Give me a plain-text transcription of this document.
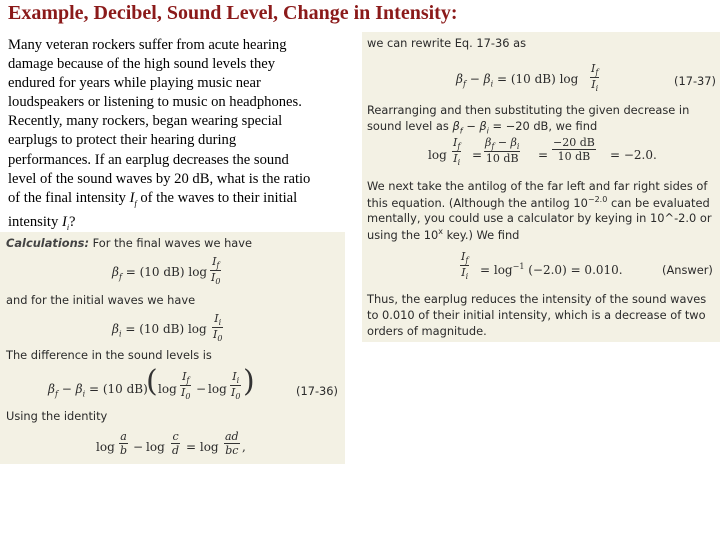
Example, Decibel, Sound Level, Change in Intensity:
Many veteran rockers suffer from acute hearing
damage because of the high sound levels they
endured for years while playing music near
loudspeakers or listening to music on headphones.
Recently, many rockers, began wearing special
earplugs to protect their hearing during
performances. If an earplug decreases the sound
level of the sound waves by 20 dB, what is the ratio
of the final intensity $I_f$ of the waves to their initial
intensity $I_i$?
Calculations: For the final waves we have
$\beta_f = (10$ dB) $\log \frac{I_f}{I_0}$
and for the initial waves we have
$\beta_i = (10$ dB) $\log \frac{I_i}{I_0}$
The difference in the sound levels is
$\beta_f - \beta_i = (10$ dB)
( $\log \frac{I_f}{I_0} - \log \frac{I_i}{I_0}$ )	(17-36)
Using the identity
$\log \frac{a}{b} - \log \frac{c}{d} = \log \frac{ad}{bc}$ ,
we can rewrite Eq. 17-36 as
$\beta_f - \beta_i = (10$ dB) $\log \frac{I_f}{I_i}$	(17-37)
Rearranging and then substituting the given decrease in
sound level as $\beta_f - \beta_i = -20$ dB, we find
$\log \frac{I_f}{I_i} = \frac{\beta_f - \beta_i}{10 dB} = \frac{-20 dB}{10 dB} = -2.0$.
We next take the antilog of the far left and far right sides of
this equation. (Although the antilog $10^{-2.0}$ can be evaluated
mentally, you could use a calculator by keying in 10^-2.0 or
using the 10$^x$ key.) We find
$\frac{I_f}{I_i} = \log^{-1} (-2.0) = 0.010$.	(Answer)
Thus, the earplug reduces the intensity of the sound waves
to 0.010 of their initial intensity, which is a decrease of two
orders of magnitude.
